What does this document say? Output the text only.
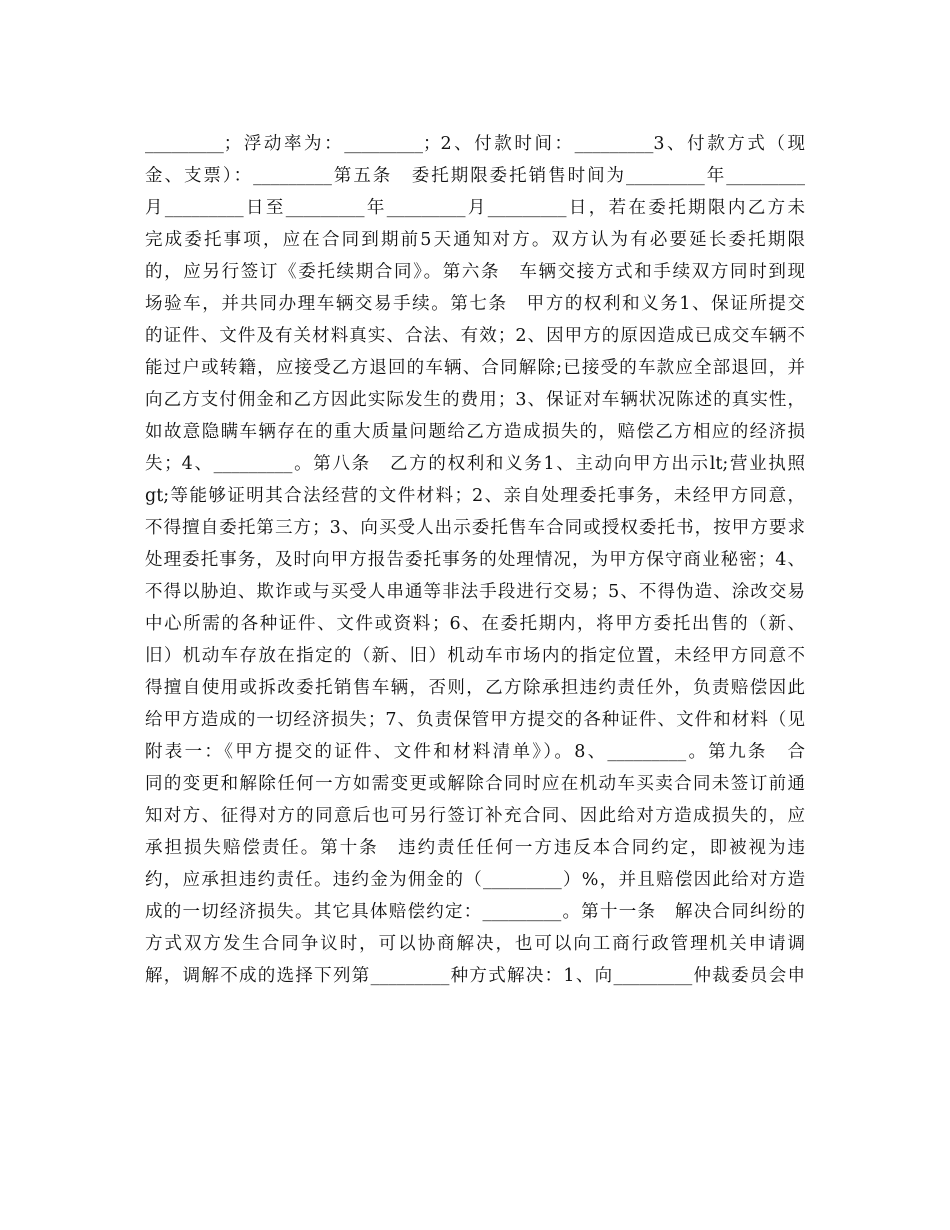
_________；浮动率为：_________；2、付款时间：_________3、付款方式（现
金、支票）：_________第五条　委托期限委托销售时间为_________年_________
月_________日至_________年_________月_________日，若在委托期限内乙方未
完成委托事项，应在合同到期前5天通知对方。双方认为有必要延长委托期限
的，应另行签订《委托续期合同》。第六条　车辆交接方式和手续双方同时到现
场验车，并共同办理车辆交易手续。第七条　甲方的权利和义务1、保证所提交
的证件、文件及有关材料真实、合法、有效；2、因甲方的原因造成已成交车辆不
能过户或转籍，应接受乙方退回的车辆、合同解除;已接受的车款应全部退回，并
向乙方支付佣金和乙方因此实际发生的费用；3、保证对车辆状况陈述的真实性，
如故意隐瞒车辆存在的重大质量问题给乙方造成损失的，赔偿乙方相应的经济损
失；4、_________。第八条　乙方的权利和义务1、主动向甲方出示lt;营业执照
gt;等能够证明其合法经营的文件材料；2、亲自处理委托事务，未经甲方同意，
不得擅自委托第三方；3、向买受人出示委托售车合同或授权委托书，按甲方要求
处理委托事务，及时向甲方报告委托事务的处理情况，为甲方保守商业秘密；4、
不得以胁迫、欺诈或与买受人串通等非法手段进行交易；5、不得伪造、涂改交易
中心所需的各种证件、文件或资料；6、在委托期内，将甲方委托出售的（新、
旧）机动车存放在指定的（新、旧）机动车市场内的指定位置，未经甲方同意不
得擅自使用或拆改委托销售车辆，否则，乙方除承担违约责任外，负责赔偿因此
给甲方造成的一切经济损失；7、负责保管甲方提交的各种证件、文件和材料（见
附表一：《甲方提交的证件、文件和材料清单》）。8、_________。第九条　合
同的变更和解除任何一方如需变更或解除合同时应在机动车买卖合同未签订前通
知对方、征得对方的同意后也可另行签订补充合同、因此给对方造成损失的，应
承担损失赔偿责任。第十条　违约责任任何一方违反本合同约定，即被视为违
约，应承担违约责任。违约金为佣金的（_________）%，并且赔偿因此给对方造
成的一切经济损失。其它具体赔偿约定：_________。第十一条　解决合同纠纷的
方式双方发生合同争议时，可以协商解决，也可以向工商行政管理机关申请调
解，调解不成的选择下列第_________种方式解决：1、向_________仲裁委员会申
